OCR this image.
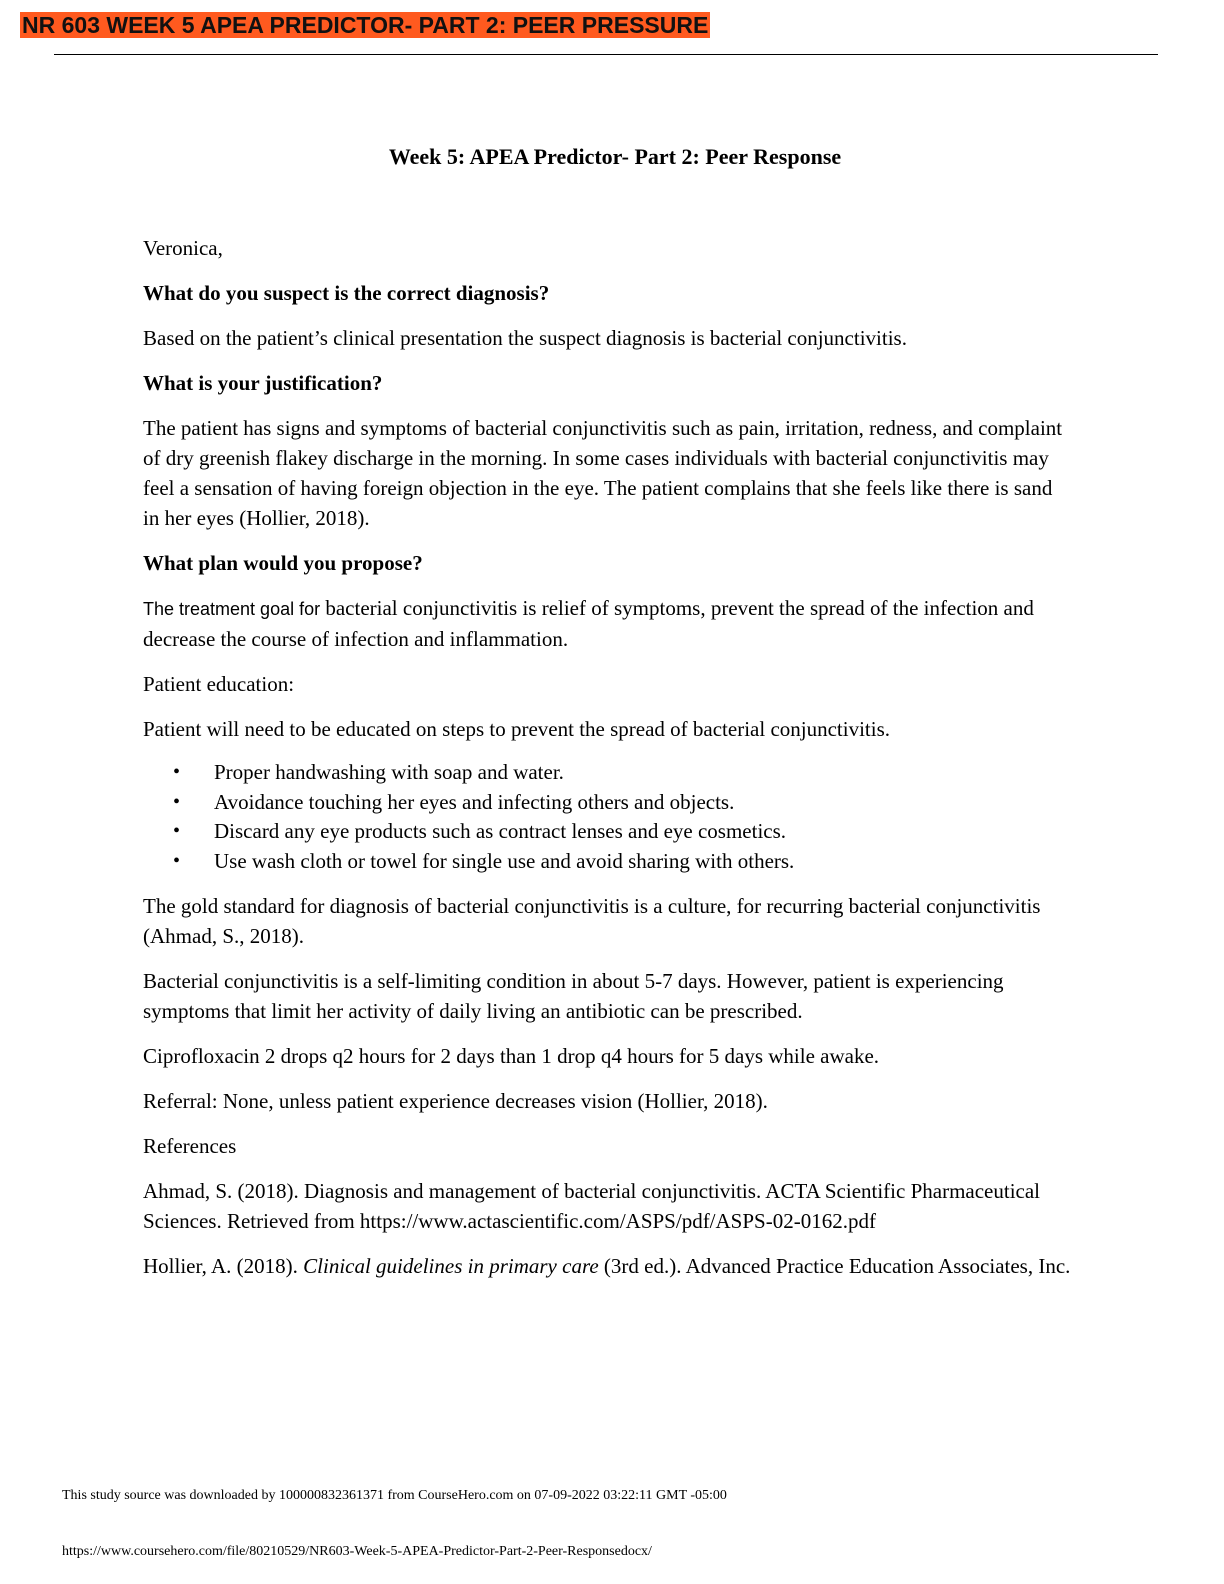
NR 603 WEEK 5 APEA PREDICTOR- PART 2: PEER PRESSURE
Week 5: APEA Predictor- Part 2: Peer Response

Veronica,

What do you suspect is the correct diagnosis?

Based on the patient’s clinical presentation the suspect diagnosis is bacterial conjunctivitis.

What is your justification?

The patient has signs and symptoms of bacterial conjunctivitis such as pain, irritation, redness, and complaint of dry greenish flakey discharge in the morning. In some cases individuals with bacterial conjunctivitis may feel a sensation of having foreign objection in the eye. The patient complains that she feels like there is sand in her eyes (Hollier, 2018).

What plan would you propose?

The treatment goal for bacterial conjunctivitis is relief of symptoms, prevent the spread of the infection and decrease the course of infection and inflammation.

Patient education:

Patient will need to be educated on steps to prevent the spread of bacterial conjunctivitis.

• Proper handwashing with soap and water.
• Avoidance touching her eyes and infecting others and objects.
• Discard any eye products such as contract lenses and eye cosmetics.
• Use wash cloth or towel for single use and avoid sharing with others.

The gold standard for diagnosis of bacterial conjunctivitis is a culture, for recurring bacterial conjunctivitis (Ahmad, S., 2018).

Bacterial conjunctivitis is a self-limiting condition in about 5-7 days. However, patient is experiencing symptoms that limit her activity of daily living an antibiotic can be prescribed.

Ciprofloxacin 2 drops q2 hours for 2 days than 1 drop q4 hours for 5 days while awake.

Referral: None, unless patient experience decreases vision (Hollier, 2018).

References

Ahmad, S. (2018). Diagnosis and management of bacterial conjunctivitis. ACTA Scientific Pharmaceutical Sciences. Retrieved from https://www.actascientific.com/ASPS/pdf/ASPS-02-0162.pdf

Hollier, A. (2018). Clinical guidelines in primary care (3rd ed.). Advanced Practice Education Associates, Inc.

This study source was downloaded by 100000832361371 from CourseHero.com on 07-09-2022 03:22:11 GMT -05:00
https://www.coursehero.com/file/80210529/NR603-Week-5-APEA-Predictor-Part-2-Peer-Responsedocx/
